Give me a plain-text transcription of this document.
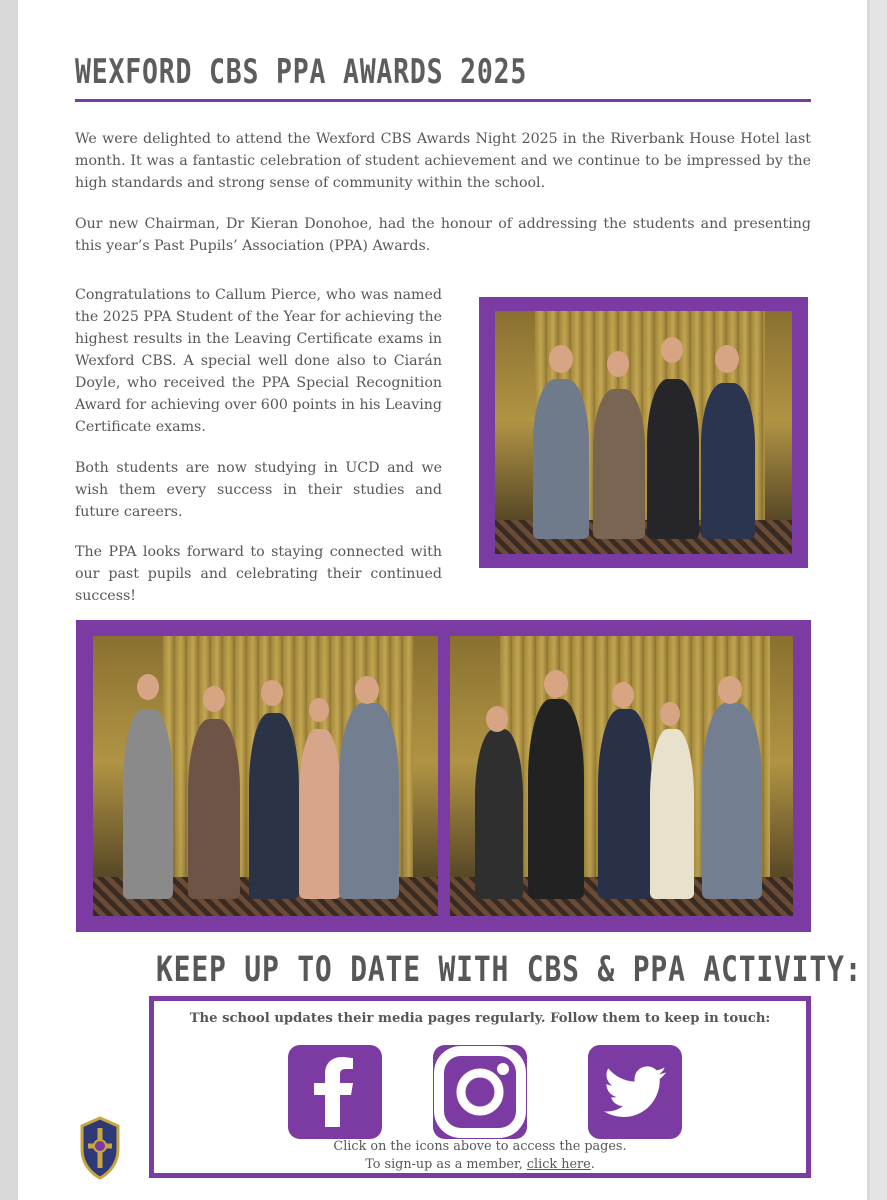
WEXFORD CBS PPA AWARDS 2025

We were delighted to attend the Wexford CBS Awards Night 2025 in the Riverbank House Hotel last month. It was a fantastic celebration of student achievement and we continue to be impressed by the high standards and strong sense of community within the school.

Our new Chairman, Dr Kieran Donohoe, had the honour of addressing the students and presenting this year’s Past Pupils’ Association (PPA) Awards.

Congratulations to Callum Pierce, who was named the 2025 PPA Student of the Year for achieving the highest results in the Leaving Certificate exams in Wexford CBS. A special well done also to Ciarán Doyle, who received the PPA Special Recognition Award for achieving over 600 points in his Leaving Certificate exams.

Both students are now studying in UCD and we wish them every success in their studies and future careers.

The PPA looks forward to staying connected with our past pupils and celebrating their continued success!

KEEP UP TO DATE WITH CBS & PPA ACTIVITY:
The school updates their media pages regularly. Follow them to keep in touch:
Click on the icons above to access the pages.
To sign-up as a member, click here.
